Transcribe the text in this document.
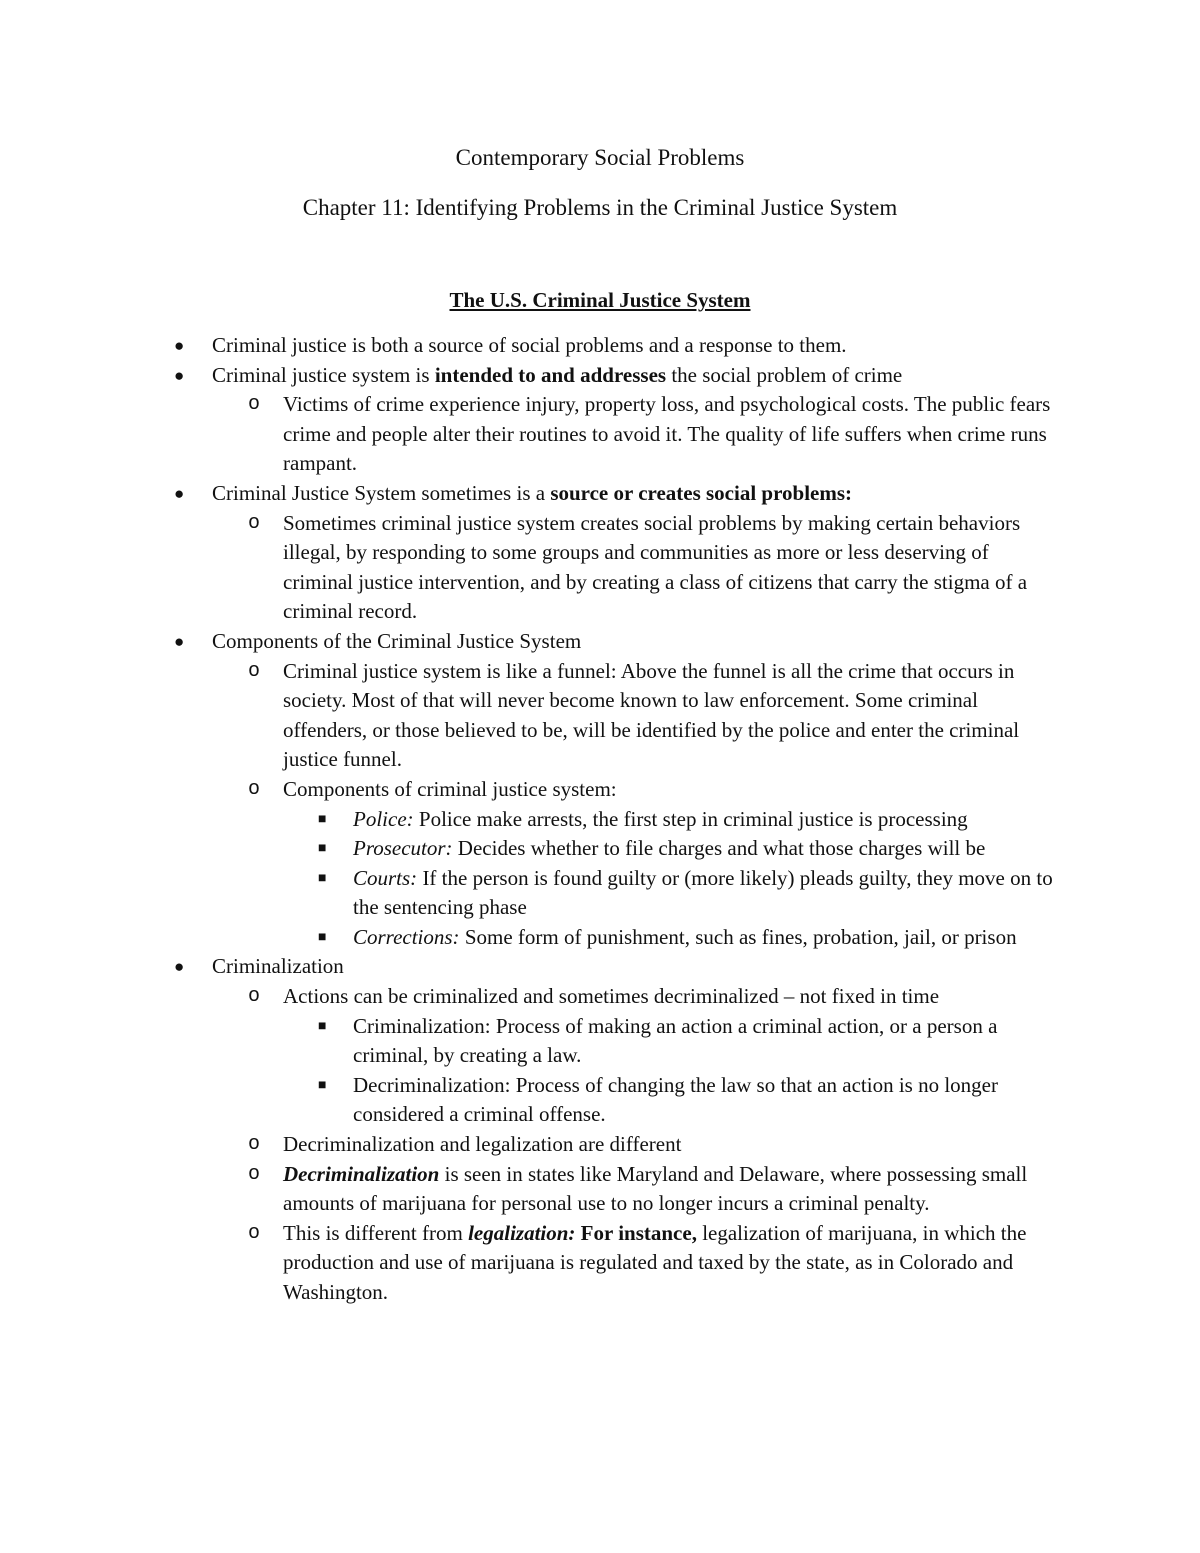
Contemporary Social Problems
Chapter 11: Identifying Problems in the Criminal Justice System
The U.S. Criminal Justice System
● Criminal justice is both a source of social problems and a response to them.
● Criminal justice system is intended to and addresses the social problem of crime
o Victims of crime experience injury, property loss, and psychological costs. The public fears crime and people alter their routines to avoid it. The quality of life suffers when crime runs rampant.
● Criminal Justice System sometimes is a source or creates social problems:
o Sometimes criminal justice system creates social problems by making certain behaviors illegal, by responding to some groups and communities as more or less deserving of criminal justice intervention, and by creating a class of citizens that carry the stigma of a criminal record.
● Components of the Criminal Justice System
o Criminal justice system is like a funnel: Above the funnel is all the crime that occurs in society. Most of that will never become known to law enforcement. Some criminal offenders, or those believed to be, will be identified by the police and enter the criminal justice funnel.
o Components of criminal justice system:
■ Police: Police make arrests, the first step in criminal justice is processing
■ Prosecutor: Decides whether to file charges and what those charges will be
■ Courts: If the person is found guilty or (more likely) pleads guilty, they move on to the sentencing phase
■ Corrections: Some form of punishment, such as fines, probation, jail, or prison
● Criminalization
o Actions can be criminalized and sometimes decriminalized – not fixed in time
■ Criminalization: Process of making an action a criminal action, or a person a criminal, by creating a law.
■ Decriminalization: Process of changing the law so that an action is no longer considered a criminal offense.
o Decriminalization and legalization are different
o Decriminalization is seen in states like Maryland and Delaware, where possessing small amounts of marijuana for personal use to no longer incurs a criminal penalty.
o This is different from legalization: For instance, legalization of marijuana, in which the production and use of marijuana is regulated and taxed by the state, as in Colorado and Washington.
